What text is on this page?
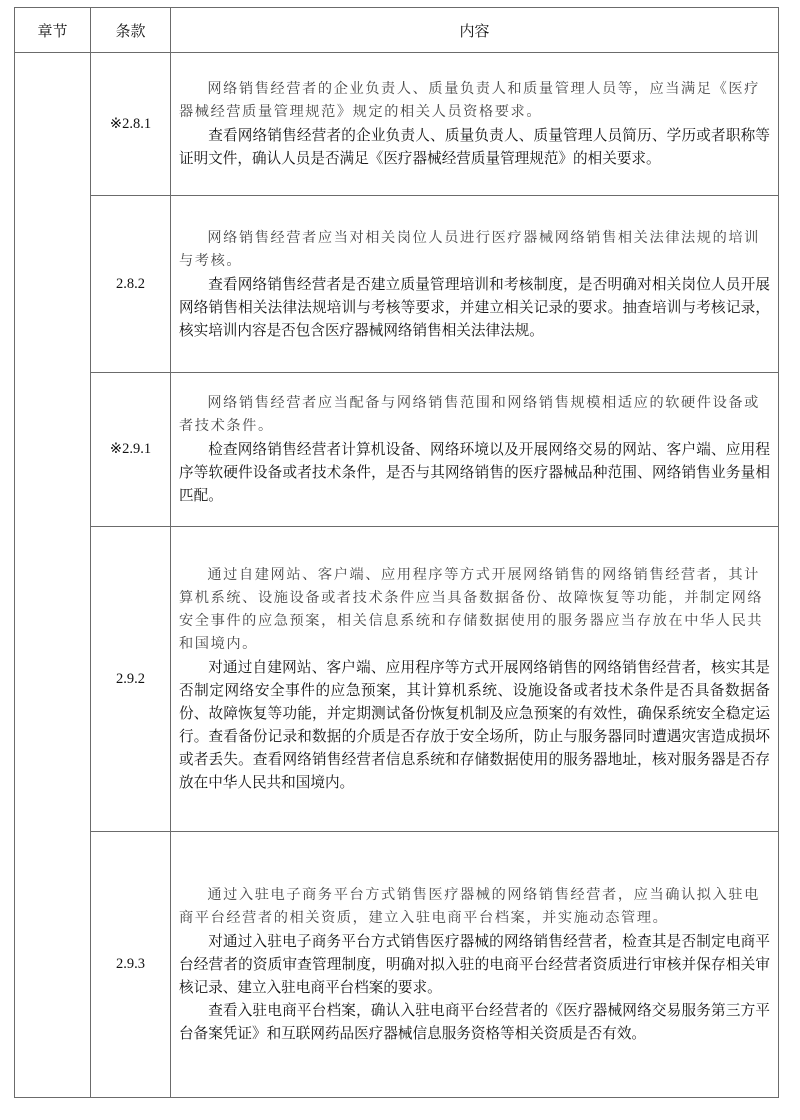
章节	条款	内容
	※2.8.1	网络销售经营者的企业负责人、质量负责人和质量管理人员等，应当满足《医疗器械经营质量管理规范》规定的相关人员资格要求。

查看网络销售经营者的企业负责人、质量负责人、质量管理人员简历、学历或者职称等证明文件，确认人员是否满足《医疗器械经营质量管理规范》的相关要求。

	2.8.2	网络销售经营者应当对相关岗位人员进行医疗器械网络销售相关法律法规的培训与考核。

查看网络销售经营者是否建立质量管理培训和考核制度，是否明确对相关岗位人员开展网络销售相关法律法规培训与考核等要求，并建立相关记录的要求。抽查培训与考核记录，核实培训内容是否包含医疗器械网络销售相关法律法规。

	※2.9.1	网络销售经营者应当配备与网络销售范围和网络销售规模相适应的软硬件设备或者技术条件。

检查网络销售经营者计算机设备、网络环境以及开展网络交易的网站、客户端、应用程序等软硬件设备或者技术条件，是否与其网络销售的医疗器械品种范围、网络销售业务量相匹配。

	2.9.2	通过自建网站、客户端、应用程序等方式开展网络销售的网络销售经营者，其计算机系统、设施设备或者技术条件应当具备数据备份、故障恢复等功能，并制定网络安全事件的应急预案，相关信息系统和存储数据使用的服务器应当存放在中华人民共和国境内。

对通过自建网站、客户端、应用程序等方式开展网络销售的网络销售经营者，核实其是否制定网络安全事件的应急预案，其计算机系统、设施设备或者技术条件是否具备数据备份、故障恢复等功能，并定期测试备份恢复机制及应急预案的有效性，确保系统安全稳定运行。查看备份记录和数据的介质是否存放于安全场所，防止与服务器同时遭遇灾害造成损坏或者丢失。查看网络销售经营者信息系统和存储数据使用的服务器地址，核对服务器是否存放在中华人民共和国境内。

	2.9.3	通过入驻电子商务平台方式销售医疗器械的网络销售经营者，应当确认拟入驻电商平台经营者的相关资质，建立入驻电商平台档案，并实施动态管理。

对通过入驻电子商务平台方式销售医疗器械的网络销售经营者，检查其是否制定电商平台经营者的资质审查管理制度，明确对拟入驻的电商平台经营者资质进行审核并保存相关审核记录、建立入驻电商平台档案的要求。

查看入驻电商平台档案，确认入驻电商平台经营者的《医疗器械网络交易服务第三方平台备案凭证》和互联网药品医疗器械信息服务资格等相关资质是否有效。
